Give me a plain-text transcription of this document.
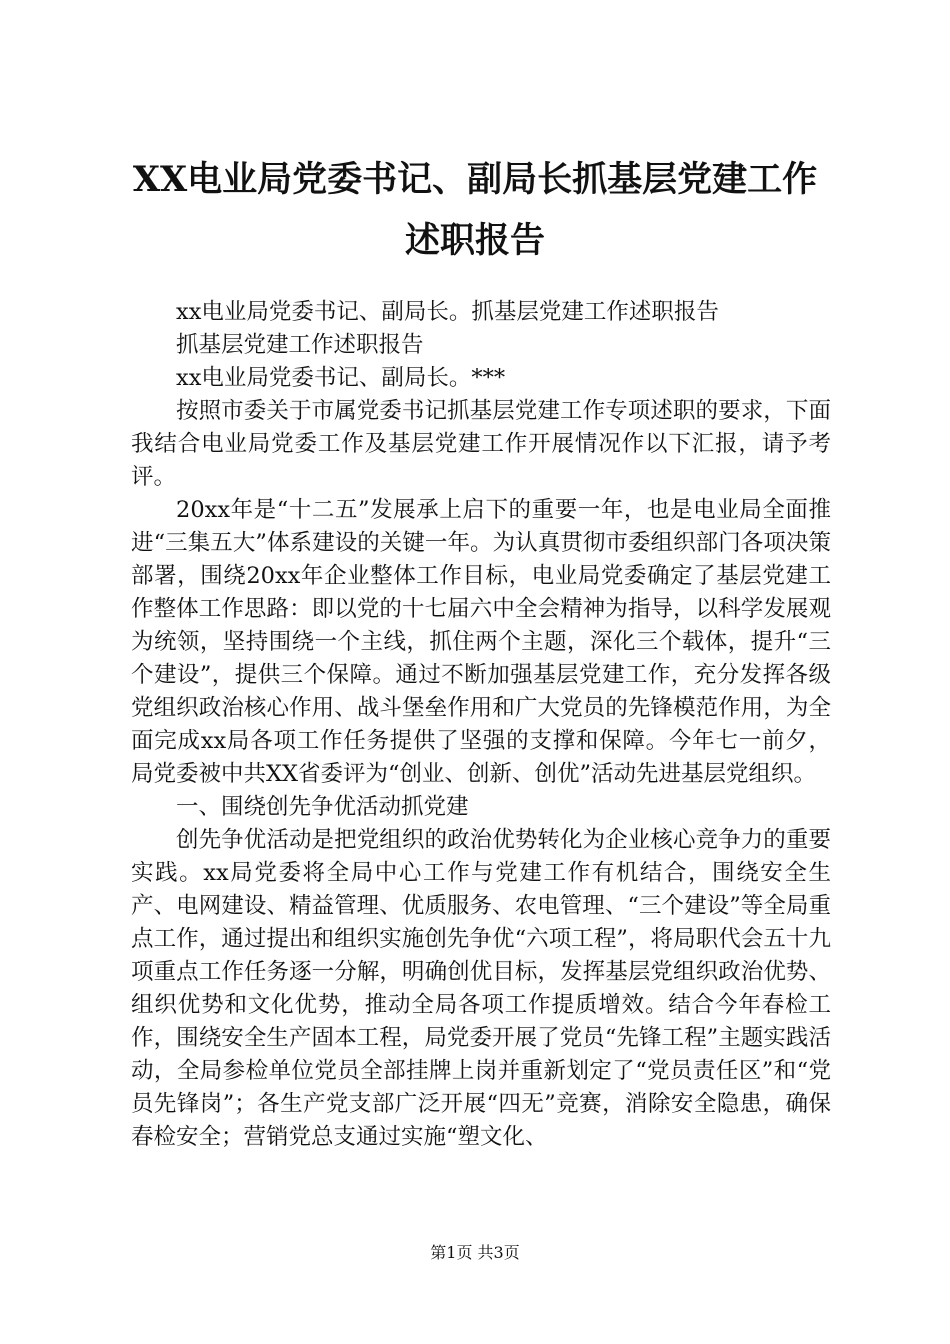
XX电业局党委书记、副局长抓基层党建工作
述职报告

xx电业局党委书记、副局长。抓基层党建工作述职报告

抓基层党建工作述职报告

xx电业局党委书记、副局长。***

按照市委关于市属党委书记抓基层党建工作专项述职的要求，下面我结合电业局党委工作及基层党建工作开展情况作以下汇报，请予考评。

20xx年是“十二五”发展承上启下的重要一年，也是电业局全面推进“三集五大”体系建设的关键一年。为认真贯彻市委组织部门各项决策部署，围绕20xx年企业整体工作目标，电业局党委确定了基层党建工作整体工作思路：即以党的十七届六中全会精神为指导，以科学发展观为统领，坚持围绕一个主线，抓住两个主题，深化三个载体，提升“三个建设”，提供三个保障。通过不断加强基层党建工作，充分发挥各级党组织政治核心作用、战斗堡垒作用和广大党员的先锋模范作用，为全面完成xx局各项工作任务提供了坚强的支撑和保障。今年七一前夕，局党委被中共XX省委评为“创业、创新、创优”活动先进基层党组织。

一、围绕创先争优活动抓党建

创先争优活动是把党组织的政治优势转化为企业核心竞争力的重要实践。xx局党委将全局中心工作与党建工作有机结合，围绕安全生产、电网建设、精益管理、优质服务、农电管理、“三个建设”等全局重点工作，通过提出和组织实施创先争优“六项工程”，将局职代会五十九项重点工作任务逐一分解，明确创优目标，发挥基层党组织政治优势、组织优势和文化优势，推动全局各项工作提质增效。结合今年春检工作，围绕安全生产固本工程，局党委开展了党员“先锋工程”主题实践活动，全局参检单位党员全部挂牌上岗并重新划定了“党员责任区”和“党员先锋岗”；各生产党支部广泛开展“四无”竞赛，消除安全隐患，确保春检安全；营销党总支通过实施“塑文化、

第1页 共3页
